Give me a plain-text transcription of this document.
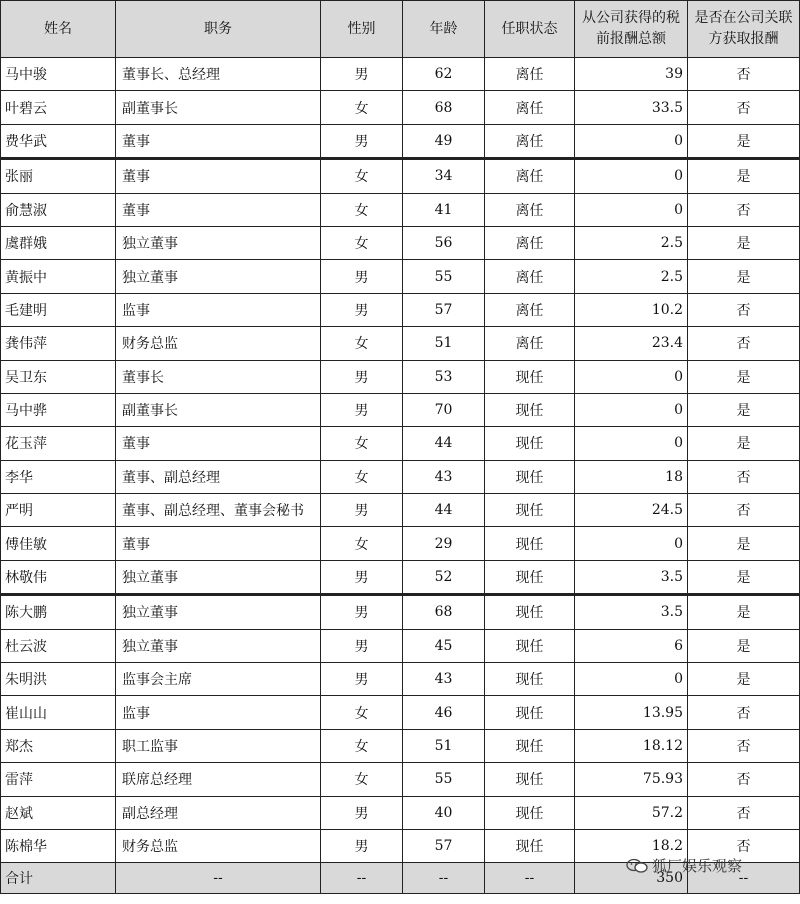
姓名	职务	性别	年龄	任职状态	从公司获得的税前报酬总额	是否在公司关联方获取报酬
马中骏	董事长、总经理	男	62	离任	39	否
叶碧云	副董事长	女	68	离任	33.5	否
费华武	董事	男	49	离任	0	是
张丽	董事	女	34	离任	0	是
俞慧淑	董事	女	41	离任	0	否
虞群娥	独立董事	女	56	离任	2.5	是
黄振中	独立董事	男	55	离任	2.5	是
毛建明	监事	男	57	离任	10.2	否
龚伟萍	财务总监	女	51	离任	23.4	否
吴卫东	董事长	男	53	现任	0	是
马中骅	副董事长	男	70	现任	0	是
花玉萍	董事	女	44	现任	0	是
李华	董事、副总经理	女	43	现任	18	否
严明	董事、副总经理、董事会秘书	男	44	现任	24.5	否
傅佳敏	董事	女	29	现任	0	是
林敬伟	独立董事	男	52	现任	3.5	是
陈大鹏	独立董事	男	68	现任	3.5	是
杜云波	独立董事	男	45	现任	6	是
朱明洪	监事会主席	男	43	现任	0	是
崔山山	监事	女	46	现任	13.95	否
郑杰	职工监事	女	51	现任	18.12	否
雷萍	联席总经理	女	55	现任	75.93	否
赵斌	副总经理	男	40	现任	57.2	否
陈棉华	财务总监	男	57	现任	18.2	否
合计	--	--	--	--	350	--
狐厂娱乐观察
